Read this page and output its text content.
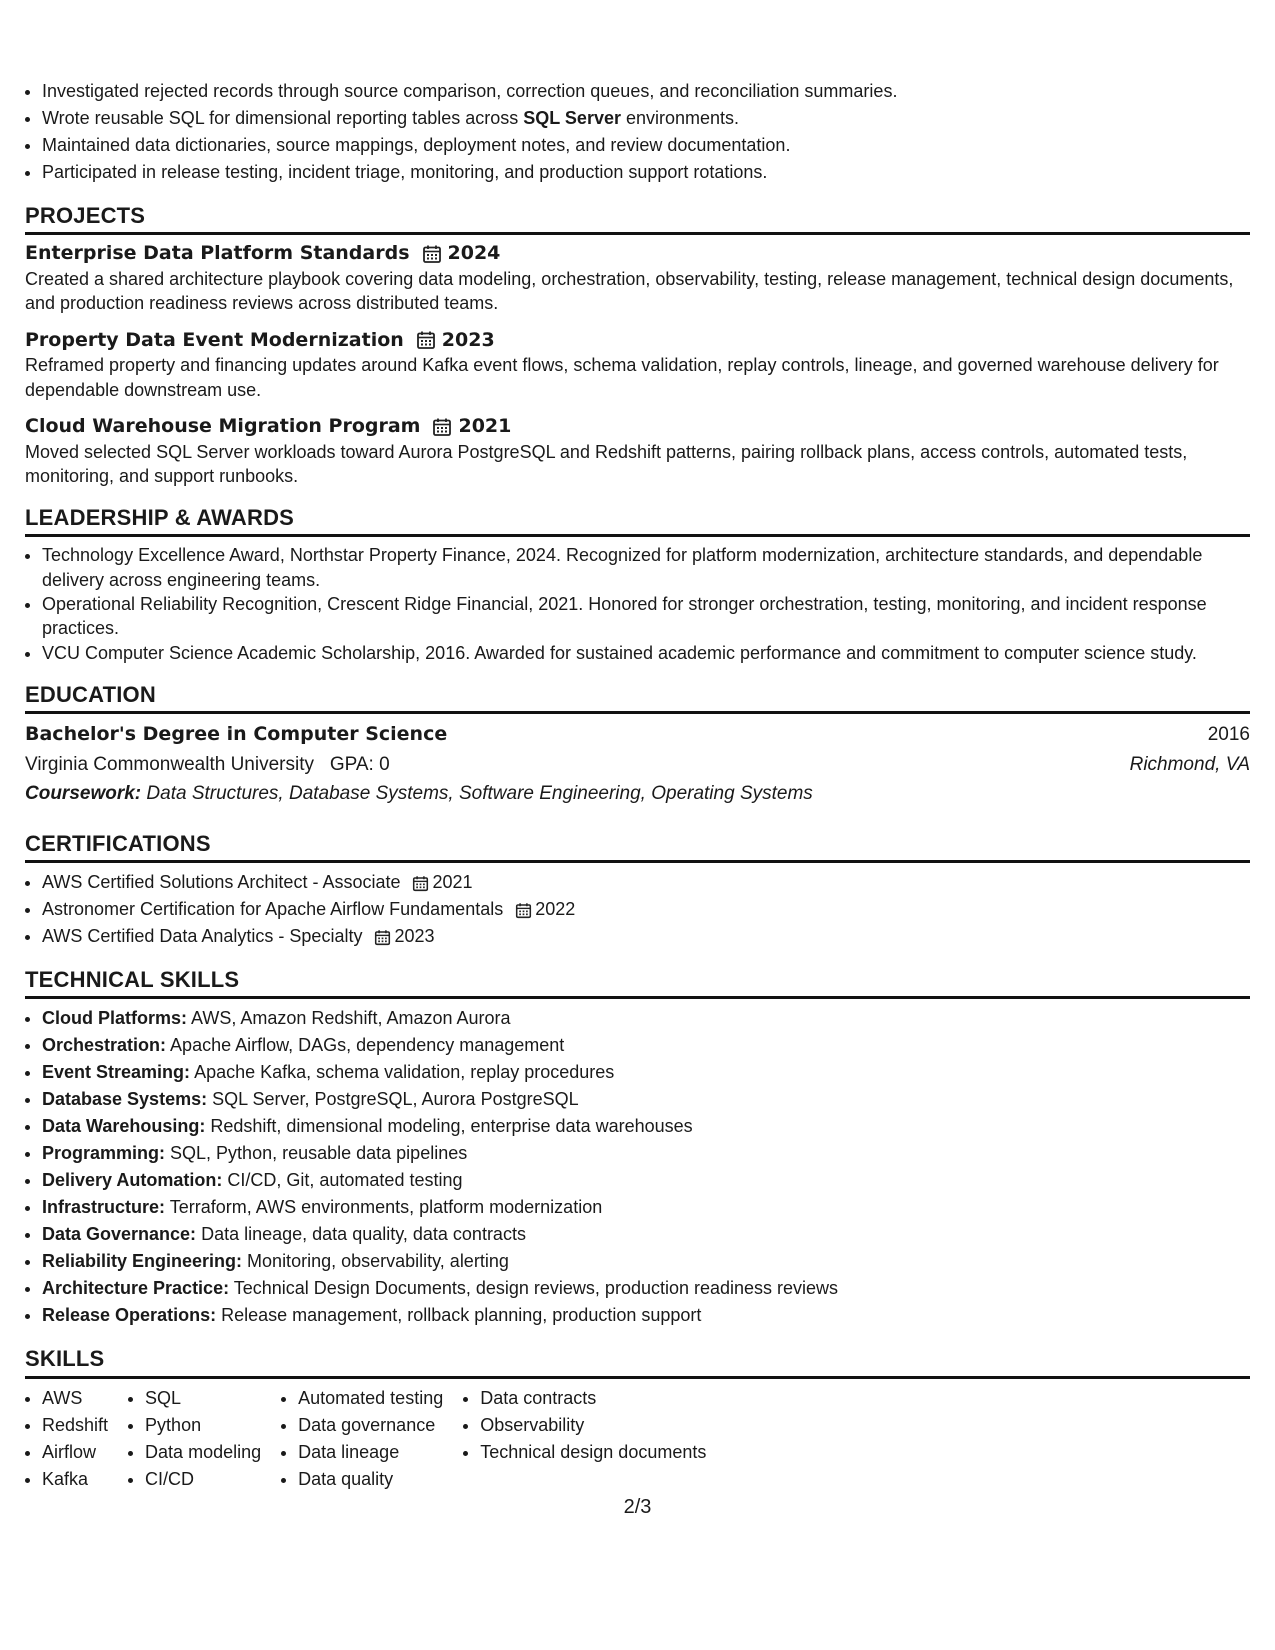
• Investigated rejected records through source comparison, correction queues, and reconciliation summaries.
• Wrote reusable SQL for dimensional reporting tables across SQL Server environments.
• Maintained data dictionaries, source mappings, deployment notes, and review documentation.
• Participated in release testing, incident triage, monitoring, and production support rotations.
PROJECTS
Enterprise Data Platform Standards 2024
Created a shared architecture playbook covering data modeling, orchestration, observability, testing, release management, technical design documents, and production readiness reviews across distributed teams.
Property Data Event Modernization 2023
Reframed property and financing updates around Kafka event flows, schema validation, replay controls, lineage, and governed warehouse delivery for dependable downstream use.
Cloud Warehouse Migration Program 2021
Moved selected SQL Server workloads toward Aurora PostgreSQL and Redshift patterns, pairing rollback plans, access controls, automated tests, monitoring, and support runbooks.
LEADERSHIP & AWARDS
• Technology Excellence Award, Northstar Property Finance, 2024. Recognized for platform modernization, architecture standards, and dependable delivery across engineering teams.
• Operational Reliability Recognition, Crescent Ridge Financial, 2021. Honored for stronger orchestration, testing, monitoring, and incident response practices.
• VCU Computer Science Academic Scholarship, 2016. Awarded for sustained academic performance and commitment to computer science study.
EDUCATION
Bachelor's Degree in Computer Science	2016
Virginia Commonwealth University GPA: 0	Richmond, VA
Coursework: Data Structures, Database Systems, Software Engineering, Operating Systems
CERTIFICATIONS
• AWS Certified Solutions Architect - Associate 2021
• Astronomer Certification for Apache Airflow Fundamentals 2022
• AWS Certified Data Analytics - Specialty 2023
TECHNICAL SKILLS
• Cloud Platforms: AWS, Amazon Redshift, Amazon Aurora
• Orchestration: Apache Airflow, DAGs, dependency management
• Event Streaming: Apache Kafka, schema validation, replay procedures
• Database Systems: SQL Server, PostgreSQL, Aurora PostgreSQL
• Data Warehousing: Redshift, dimensional modeling, enterprise data warehouses
• Programming: SQL, Python, reusable data pipelines
• Delivery Automation: CI/CD, Git, automated testing
• Infrastructure: Terraform, AWS environments, platform modernization
• Data Governance: Data lineage, data quality, data contracts
• Reliability Engineering: Monitoring, observability, alerting
• Architecture Practice: Technical Design Documents, design reviews, production readiness reviews
• Release Operations: Release management, rollback planning, production support
SKILLS
• AWS
• Redshift
• Airflow
• Kafka
• SQL
• Python
• Data modeling
• CI/CD
• Automated testing
• Data governance
• Data lineage
• Data quality
• Data contracts
• Observability
• Technical design documents
2/3
